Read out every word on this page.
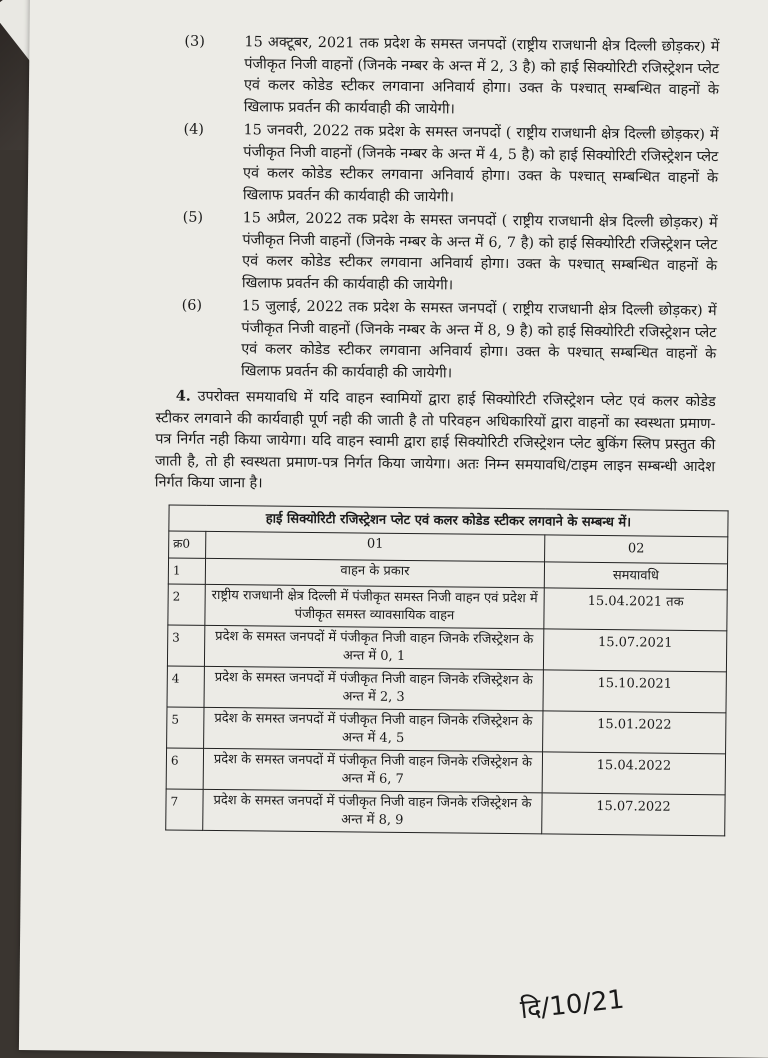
(3)	15 अक्टूबर, 2021 तक प्रदेश के समस्त जनपदों (राष्ट्रीय राजधानी क्षेत्र दिल्ली छोड़कर) में पंजीकृत निजी वाहनों (जिनके नम्बर के अन्त में 2, 3 है) को हाई सिक्योरिटी रजिस्ट्रेशन प्लेट एवं कलर कोडेड स्टीकर लगवाना अनिवार्य होगा। उक्त के पश्चात् सम्बन्धित वाहनों के खिलाफ प्रवर्तन की कार्यवाही की जायेगी।
(4)	15 जनवरी, 2022 तक प्रदेश के समस्त जनपदों ( राष्ट्रीय राजधानी क्षेत्र दिल्ली छोड़कर) में पंजीकृत निजी वाहनों (जिनके नम्बर के अन्त में 4, 5 है) को हाई सिक्योरिटी रजिस्ट्रेशन प्लेट एवं कलर कोडेड स्टीकर लगवाना अनिवार्य होगा। उक्त के पश्चात् सम्बन्धित वाहनों के खिलाफ प्रवर्तन की कार्यवाही की जायेगी।
(5)	15 अप्रैल, 2022 तक प्रदेश के समस्त जनपदों ( राष्ट्रीय राजधानी क्षेत्र दिल्ली छोड़कर) में पंजीकृत निजी वाहनों (जिनके नम्बर के अन्त में 6, 7 है) को हाई सिक्योरिटी रजिस्ट्रेशन प्लेट एवं कलर कोडेड स्टीकर लगवाना अनिवार्य होगा। उक्त के पश्चात् सम्बन्धित वाहनों के खिलाफ प्रवर्तन की कार्यवाही की जायेगी।
(6)	15 जुलाई, 2022 तक प्रदेश के समस्त जनपदों ( राष्ट्रीय राजधानी क्षेत्र दिल्ली छोड़कर) में पंजीकृत निजी वाहनों (जिनके नम्बर के अन्त में 8, 9 है) को हाई सिक्योरिटी रजिस्ट्रेशन प्लेट एवं कलर कोडेड स्टीकर लगवाना अनिवार्य होगा। उक्त के पश्चात् सम्बन्धित वाहनों के खिलाफ प्रवर्तन की कार्यवाही की जायेगी।
4. उपरोक्त समयावधि में यदि वाहन स्वामियों द्वारा हाई सिक्योरिटी रजिस्ट्रेशन प्लेट एवं कलर कोडेड स्टीकर लगवाने की कार्यवाही पूर्ण नही की जाती है तो परिवहन अधिकारियों द्वारा वाहनों का स्वस्थता प्रमाण-पत्र निर्गत नही किया जायेगा। यदि वाहन स्वामी द्वारा हाई सिक्योरिटी रजिस्ट्रेशन प्लेट बुकिंग स्लिप प्रस्तुत की जाती है, तो ही स्वस्थता प्रमाण-पत्र निर्गत किया जायेगा। अतः निम्न समयावधि/टाइम लाइन सम्बन्धी आदेश निर्गत किया जाना है।
हाई सिक्योरिटी रजिस्ट्रेशन प्लेट एवं कलर कोडेड स्टीकर लगवाने के सम्बन्ध में।		
क्र0	01	02
1	वाहन के प्रकार	समयावधि
2	राष्ट्रीय राजधानी क्षेत्र दिल्ली में पंजीकृत समस्त निजी वाहन एवं प्रदेश में पंजीकृत समस्त व्यावसायिक वाहन	15.04.2021 तक
3	प्रदेश के समस्त जनपदों में पंजीकृत निजी वाहन जिनके रजिस्ट्रेशन के अन्त में 0, 1	15.07.2021
4	प्रदेश के समस्त जनपदों में पंजीकृत निजी वाहन जिनके रजिस्ट्रेशन के अन्त में 2, 3	15.10.2021
5	प्रदेश के समस्त जनपदों में पंजीकृत निजी वाहन जिनके रजिस्ट्रेशन के अन्त में 4, 5	15.01.2022
6	प्रदेश के समस्त जनपदों में पंजीकृत निजी वाहन जिनके रजिस्ट्रेशन के अन्त में 6, 7	15.04.2022
7	प्रदेश के समस्त जनपदों में पंजीकृत निजी वाहन जिनके रजिस्ट्रेशन के अन्त में 8, 9	15.07.2022
दि/10/21
